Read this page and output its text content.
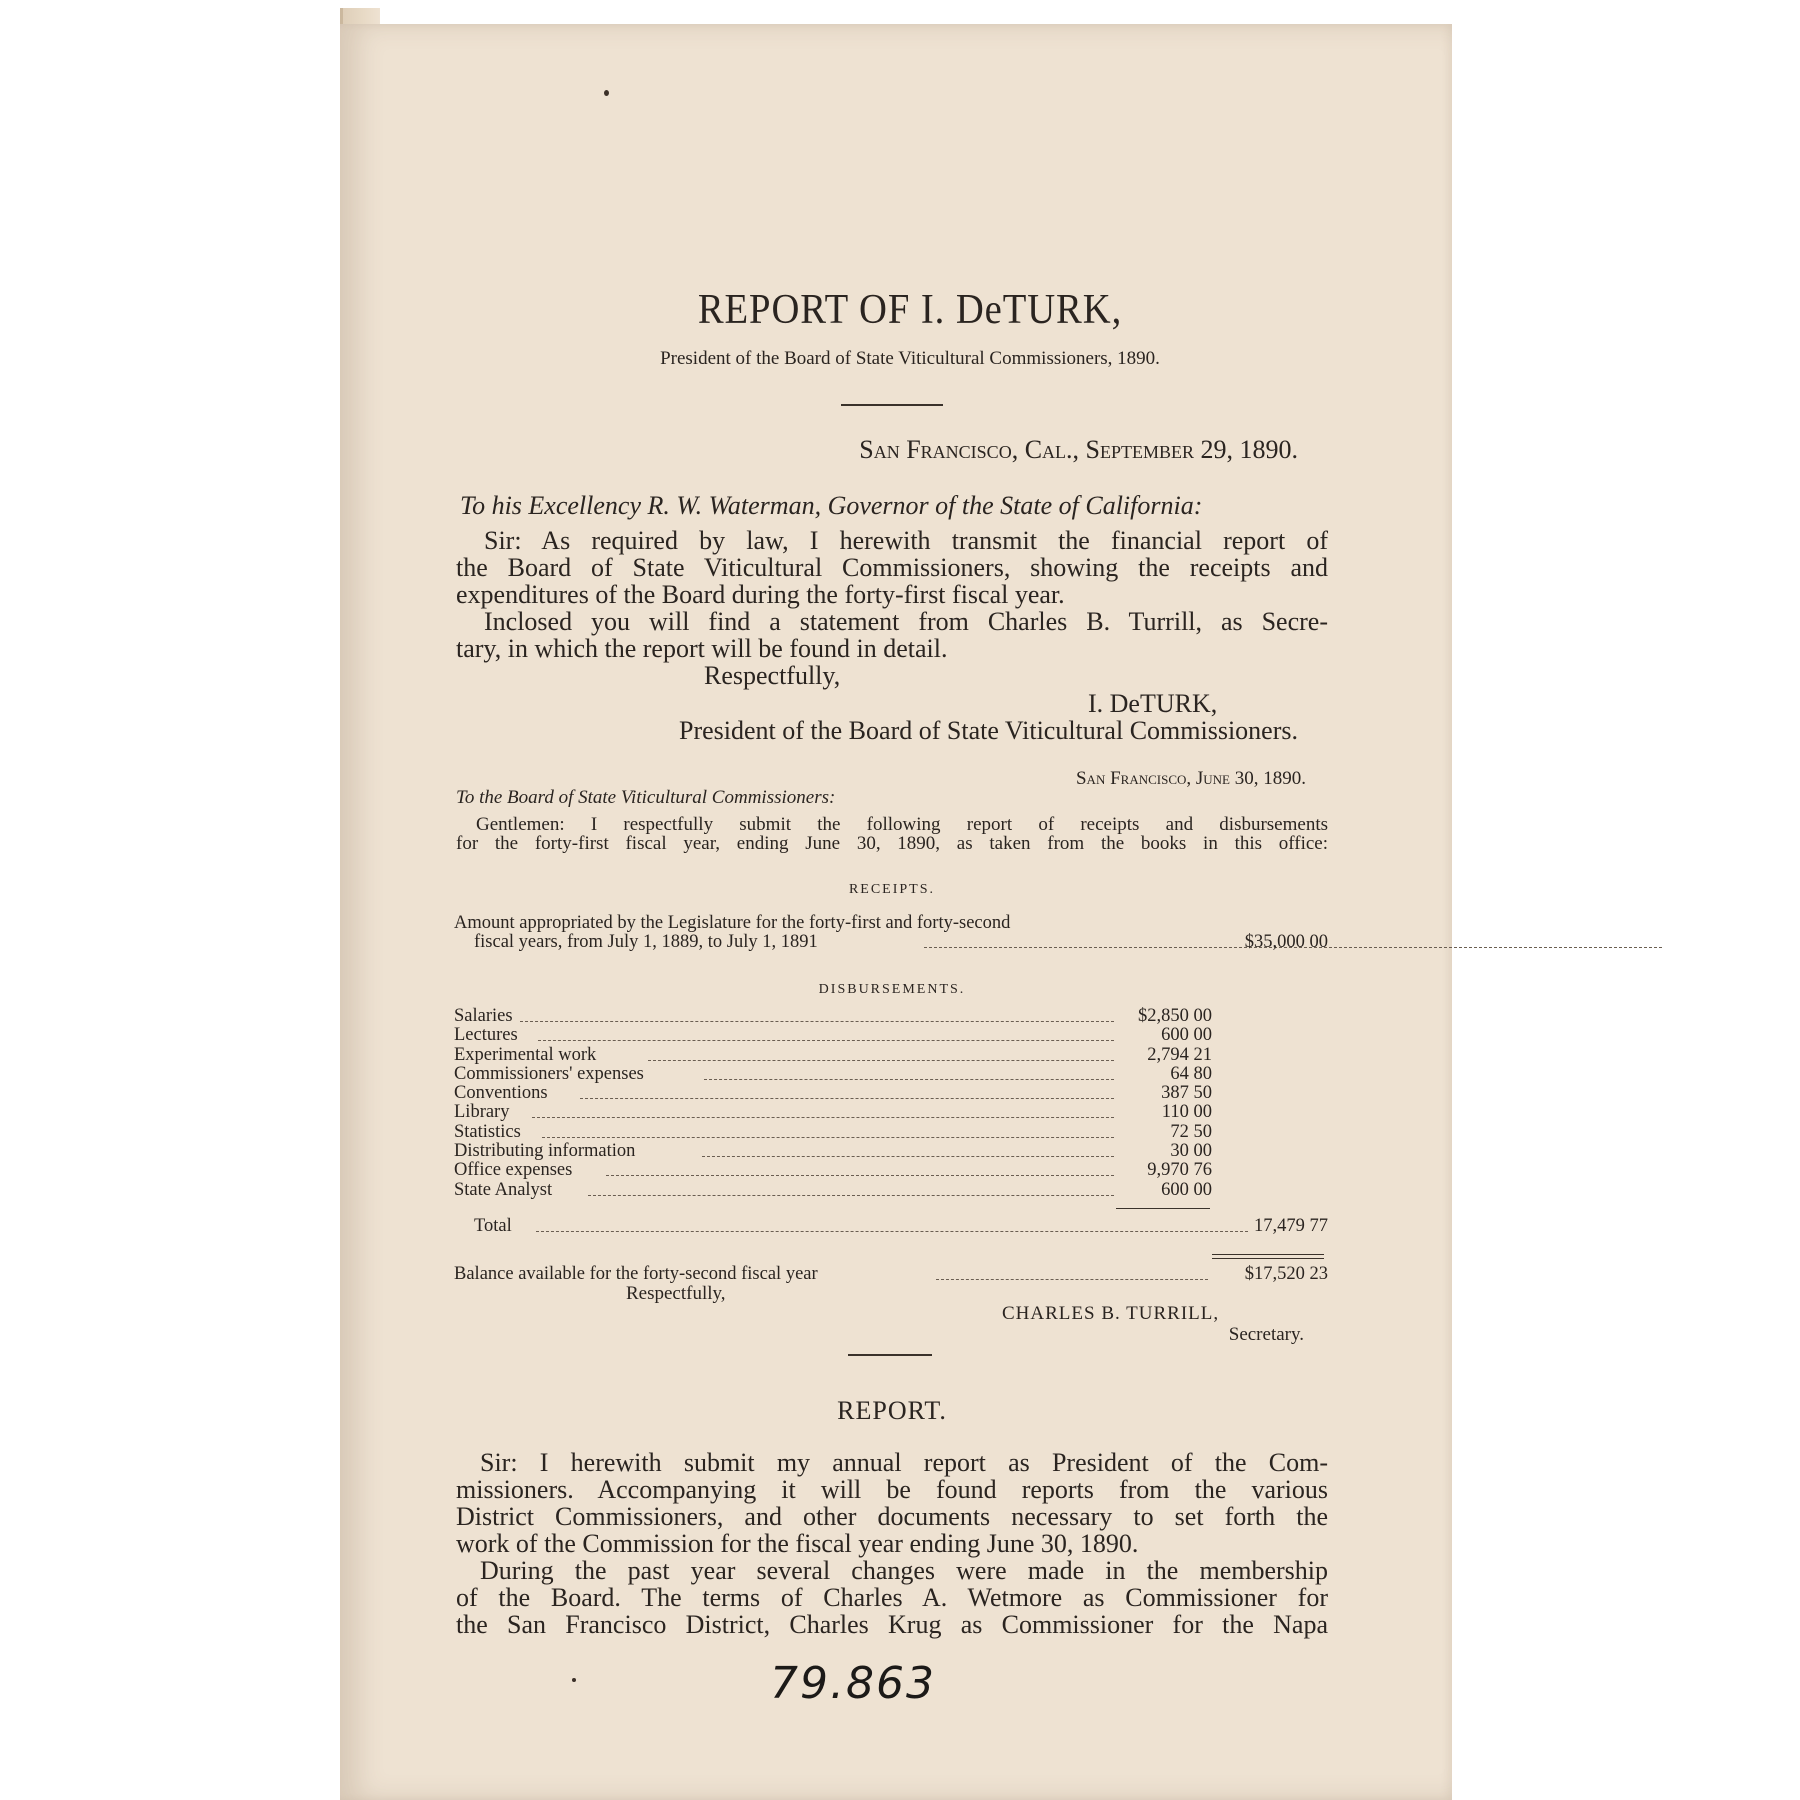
REPORT OF I. DeTURK,
President of the Board of State Viticultural Commissioners, 1890.
San Francisco, Cal., September 29, 1890.
To his Excellency R. W. Waterman, Governor of the State of California:
Sir: As required by law, I herewith transmit the financial report of
the Board of State Viticultural Commissioners, showing the receipts and
expenditures of the Board during the forty-first fiscal year.
Inclosed you will find a statement from Charles B. Turrill, as Secre-
tary, in which the report will be found in detail.
Respectfully,
I. DeTURK,
President of the Board of State Viticultural Commissioners.
San Francisco, June 30, 1890.
To the Board of State Viticultural Commissioners:
Gentlemen: I respectfully submit the following report of receipts and disbursements
for the forty-first fiscal year, ending June 30, 1890, as taken from the books in this office:
RECEIPTS.
Amount appropriated by the Legislature for the forty-first and forty-second
fiscal years, from July 1, 1889, to July 1, 1891	$35,000 00
DISBURSEMENTS.
Salaries	$2,850 00
Lectures	600 00
Experimental work	2,794 21
Commissioners' expenses	64 80
Conventions	387 50
Library	110 00
Statistics	72 50
Distributing information	30 00
Office expenses	9,970 76
State Analyst	600 00
Total	17,479 77
Balance available for the forty-second fiscal year	$17,520 23
Respectfully,
CHARLES B. TURRILL,
Secretary.
REPORT.
Sir: I herewith submit my annual report as President of the Com-
missioners. Accompanying it will be found reports from the various
District Commissioners, and other documents necessary to set forth the
work of the Commission for the fiscal year ending June 30, 1890.
During the past year several changes were made in the membership
of the Board. The terms of Charles A. Wetmore as Commissioner for
the San Francisco District, Charles Krug as Commissioner for the Napa
79.863
